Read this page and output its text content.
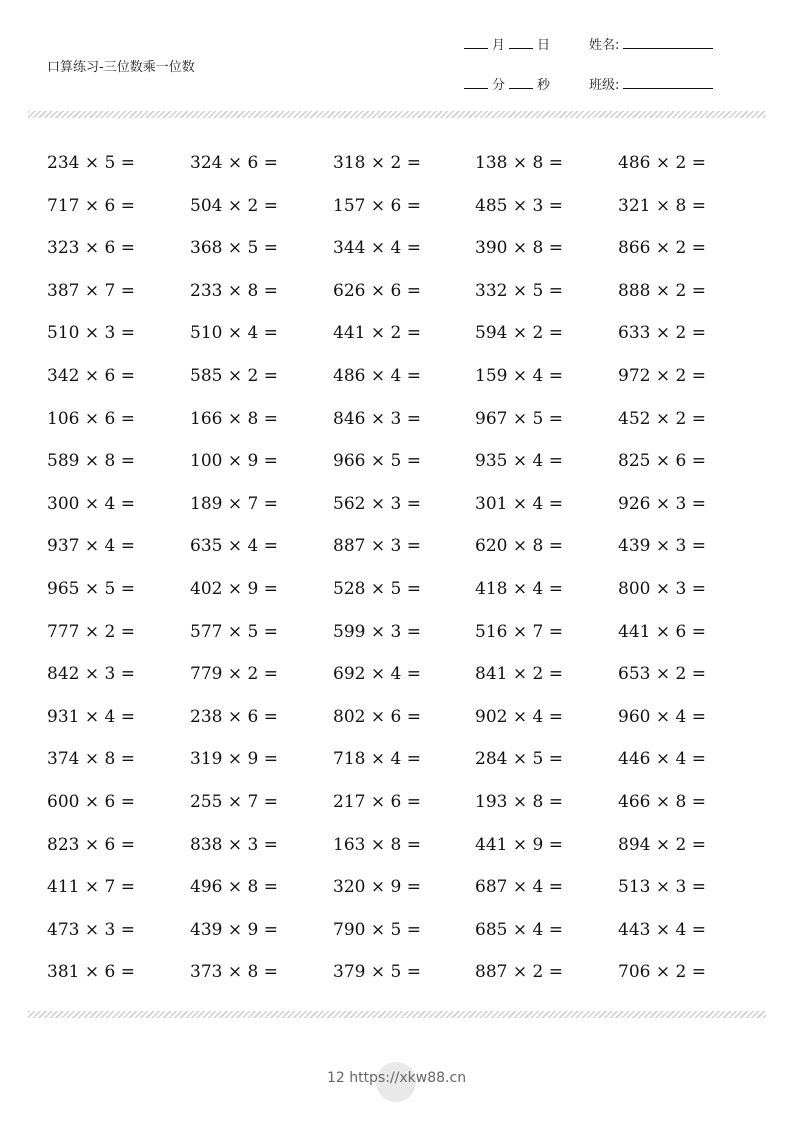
口算练习-三位数乘一位数
月 日	姓名:
分 秒	班级:
234 × 5 =	324 × 6 =	318 × 2 =	138 × 8 =	486 × 2 =
717 × 6 =	504 × 2 =	157 × 6 =	485 × 3 =	321 × 8 =
323 × 6 =	368 × 5 =	344 × 4 =	390 × 8 =	866 × 2 =
387 × 7 =	233 × 8 =	626 × 6 =	332 × 5 =	888 × 2 =
510 × 3 =	510 × 4 =	441 × 2 =	594 × 2 =	633 × 2 =
342 × 6 =	585 × 2 =	486 × 4 =	159 × 4 =	972 × 2 =
106 × 6 =	166 × 8 =	846 × 3 =	967 × 5 =	452 × 2 =
589 × 8 =	100 × 9 =	966 × 5 =	935 × 4 =	825 × 6 =
300 × 4 =	189 × 7 =	562 × 3 =	301 × 4 =	926 × 3 =
937 × 4 =	635 × 4 =	887 × 3 =	620 × 8 =	439 × 3 =
965 × 5 =	402 × 9 =	528 × 5 =	418 × 4 =	800 × 3 =
777 × 2 =	577 × 5 =	599 × 3 =	516 × 7 =	441 × 6 =
842 × 3 =	779 × 2 =	692 × 4 =	841 × 2 =	653 × 2 =
931 × 4 =	238 × 6 =	802 × 6 =	902 × 4 =	960 × 4 =
374 × 8 =	319 × 9 =	718 × 4 =	284 × 5 =	446 × 4 =
600 × 6 =	255 × 7 =	217 × 6 =	193 × 8 =	466 × 8 =
823 × 6 =	838 × 3 =	163 × 8 =	441 × 9 =	894 × 2 =
411 × 7 =	496 × 8 =	320 × 9 =	687 × 4 =	513 × 3 =
473 × 3 =	439 × 9 =	790 × 5 =	685 × 4 =	443 × 4 =
381 × 6 =	373 × 8 =	379 × 5 =	887 × 2 =	706 × 2 =
12 https://xkw88.cn
